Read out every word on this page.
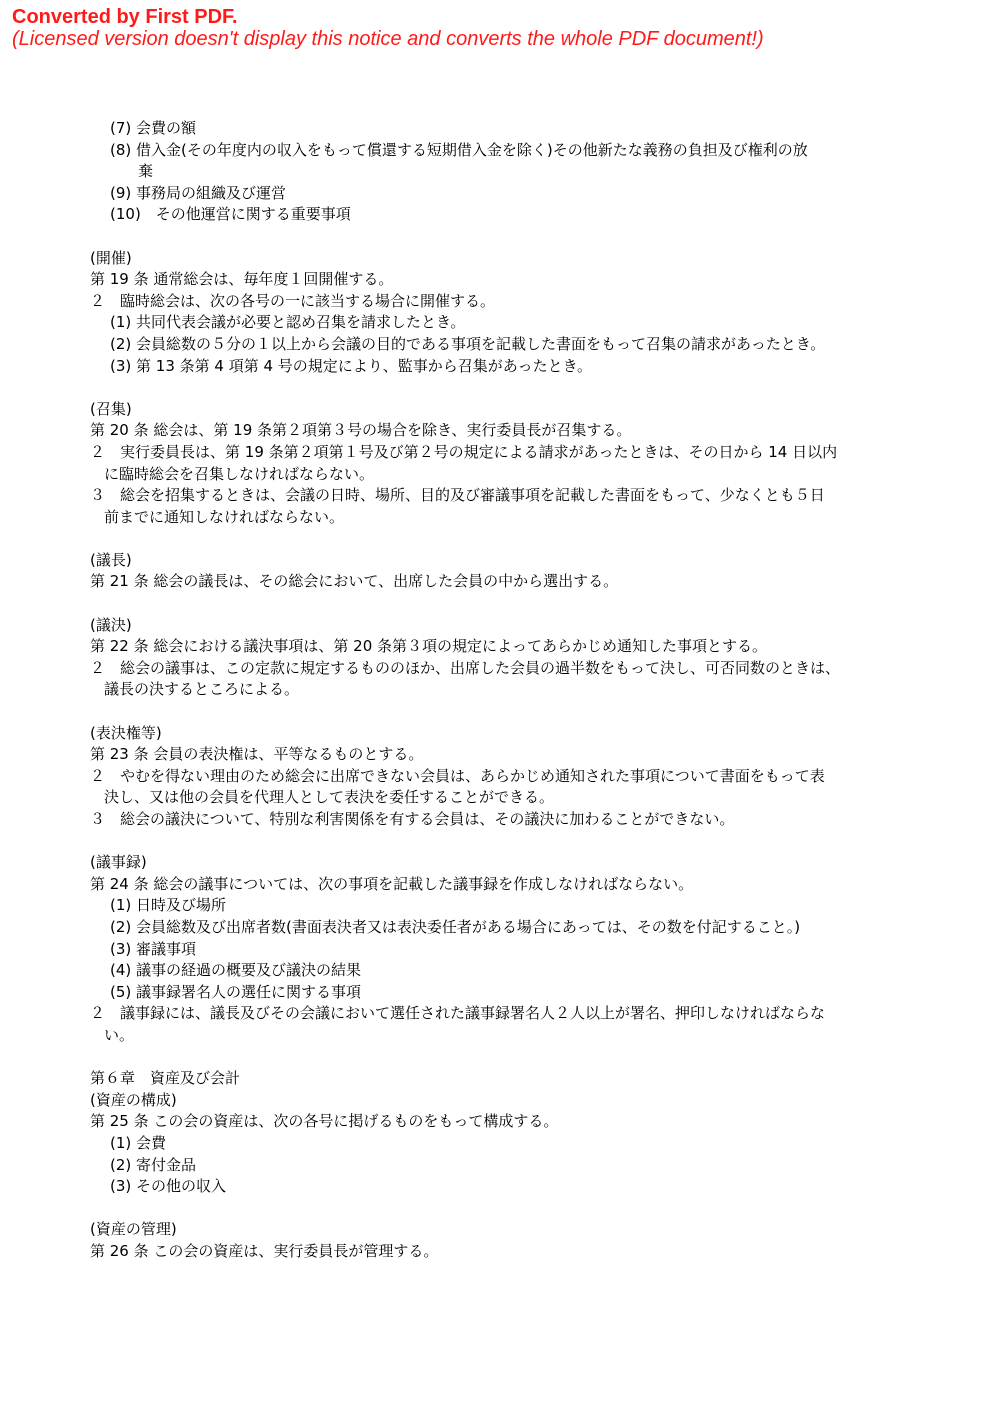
Converted by First PDF.
(Licensed version doesn't display this notice and converts the whole PDF document!)

(7) 会費の額

(8) 借入金(その年度内の収入をもって償還する短期借入金を除く)その他新たな義務の負担及び権利の放

棄

(9) 事務局の組織及び運営

(10)　その他運営に関する重要事項

(開催)

第 19 条 通常総会は、毎年度１回開催する。

２　臨時総会は、次の各号の一に該当する場合に開催する。

(1) 共同代表会議が必要と認め召集を請求したとき。

(2) 会員総数の５分の１以上から会議の目的である事項を記載した書面をもって召集の請求があったとき。

(3) 第 13 条第 4 項第 4 号の規定により、監事から召集があったとき。

(召集)

第 20 条 総会は、第 19 条第２項第３号の場合を除き、実行委員長が召集する。

２　実行委員長は、第 19 条第２項第１号及び第２号の規定による請求があったときは、その日から 14 日以内

に臨時総会を召集しなければならない。

３　総会を招集するときは、会議の日時、場所、目的及び審議事項を記載した書面をもって、少なくとも５日

前までに通知しなければならない。

(議長)

第 21 条 総会の議長は、その総会において、出席した会員の中から選出する。

(議決)

第 22 条 総会における議決事項は、第 20 条第３項の規定によってあらかじめ通知した事項とする。

２　総会の議事は、この定款に規定するもののほか、出席した会員の過半数をもって決し、可否同数のときは、

議長の決するところによる。

(表決権等)

第 23 条 会員の表決権は、平等なるものとする。

２　やむを得ない理由のため総会に出席できない会員は、あらかじめ通知された事項について書面をもって表

決し、又は他の会員を代理人として表決を委任することができる。

３　総会の議決について、特別な利害関係を有する会員は、その議決に加わることができない。

(議事録)

第 24 条 総会の議事については、次の事項を記載した議事録を作成しなければならない。

(1) 日時及び場所

(2) 会員総数及び出席者数(書面表決者又は表決委任者がある場合にあっては、その数を付記すること。)

(3) 審議事項

(4) 議事の経過の概要及び議決の結果

(5) 議事録署名人の選任に関する事項

２　議事録には、議長及びその会議において選任された議事録署名人２人以上が署名、押印しなければならな

い。

第６章　資産及び会計

(資産の構成)

第 25 条 この会の資産は、次の各号に掲げるものをもって構成する。

(1) 会費

(2) 寄付金品

(3) その他の収入

(資産の管理)

第 26 条 この会の資産は、実行委員長が管理する。
